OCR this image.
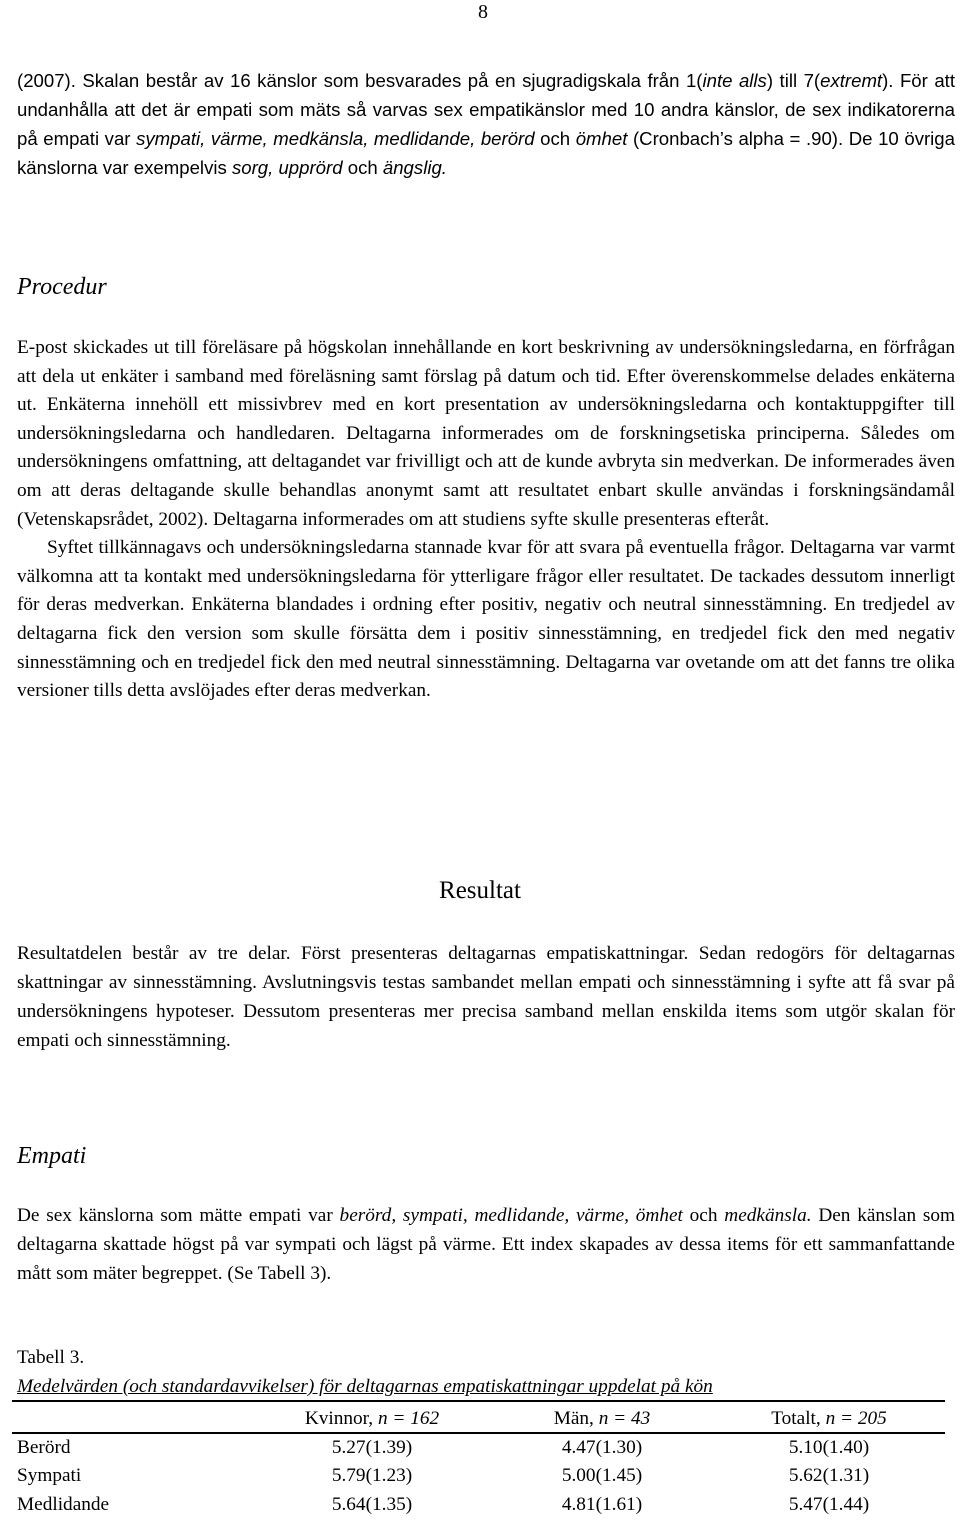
8

(2007). Skalan består av 16 känslor som besvarades på en sjugradigskala från 1(inte alls) till 7(extremt). För att undanhålla att det är empati som mäts så varvas sex empatikänslor med 10 andra känslor, de sex indikatorerna på empati var sympati, värme, medkänsla, medlidande, berörd och ömhet (Cronbach’s alpha = .90). De 10 övriga känslorna var exempelvis sorg, upprörd och ängslig.

Procedur
E-post skickades ut till föreläsare på högskolan innehållande en kort beskrivning av undersökningsledarna, en förfrågan att dela ut enkäter i samband med föreläsning samt förslag på datum och tid. Efter överenskommelse delades enkäterna ut. Enkäterna innehöll ett missivbrev med en kort presentation av undersökningsledarna och kontaktuppgifter till undersökningsledarna och handledaren. Deltagarna informerades om de forskningsetiska principerna. Således om undersökningens omfattning, att deltagandet var frivilligt och att de kunde avbryta sin medverkan. De informerades även om att deras deltagande skulle behandlas anonymt samt att resultatet enbart skulle användas i forskningsändamål (Vetenskapsrådet, 2002). Deltagarna informerades om att studiens syfte skulle presenteras efteråt.
Syftet tillkännagavs och undersökningsledarna stannade kvar för att svara på eventuella frågor. Deltagarna var varmt välkomna att ta kontakt med undersökningsledarna för ytterligare frågor eller resultatet. De tackades dessutom innerligt för deras medverkan. Enkäterna blandades i ordning efter positiv, negativ och neutral sinnesstämning. En tredjedel av deltagarna fick den version som skulle försätta dem i positiv sinnesstämning, en tredjedel fick den med negativ sinnesstämning och en tredjedel fick den med neutral sinnesstämning. Deltagarna var ovetande om att det fanns tre olika versioner tills detta avslöjades efter deras medverkan.
Resultat

Resultatdelen består av tre delar. Först presenteras deltagarnas empatiskattningar. Sedan redogörs för deltagarnas skattningar av sinnesstämning. Avslutningsvis testas sambandet mellan empati och sinnesstämning i syfte att få svar på undersökningens hypoteser. Dessutom presenteras mer precisa samband mellan enskilda items som utgör skalan för empati och sinnesstämning.

Empati

De sex känslorna som mätte empati var berörd, sympati, medlidande, värme, ömhet och medkänsla. Den känslan som deltagarna skattade högst på var sympati och lägst på värme. Ett index skapades av dessa items för ett sammanfattande mått som mäter begreppet. (Se Tabell 3).

Tabell 3.
Medelvärden (och standardavvikelser) för deltagarnas empatiskattningar uppdelat på kön
	Kvinnor, n = 162	Män, n = 43	Totalt, n = 205
Berörd	5.27(1.39)	4.47(1.30)	5.10(1.40)
Sympati	5.79(1.23)	5.00(1.45)	5.62(1.31)
Medlidande	5.64(1.35)	4.81(1.61)	5.47(1.44)
